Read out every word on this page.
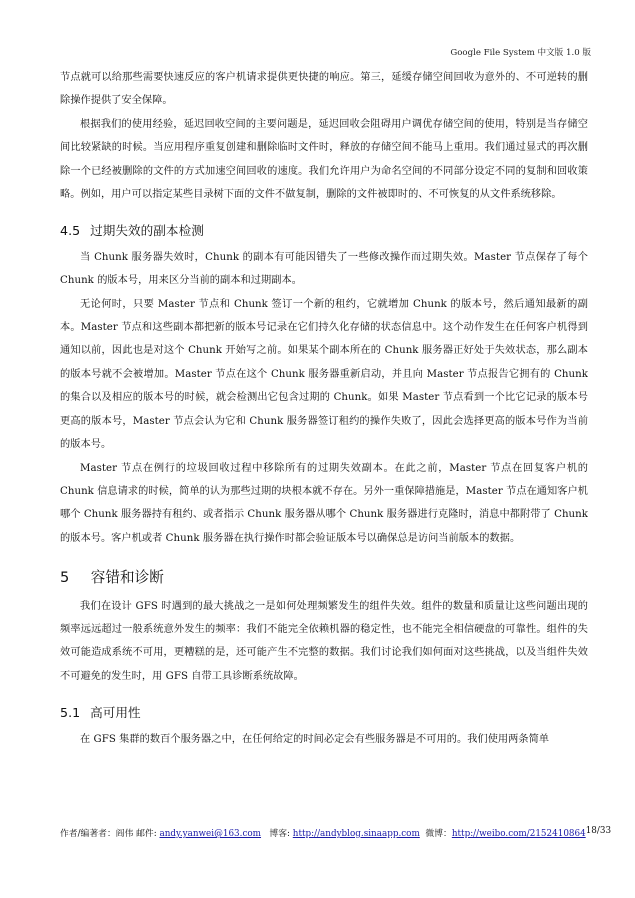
Google File System 中文版 1.0 版

节点就可以给那些需要快速反应的客户机请求提供更快捷的响应。第三，延缓存储空间回收为意外的、不可逆转的删除操作提供了安全保障。

根据我们的使用经验，延迟回收空间的主要问题是，延迟回收会阻碍用户调优存储空间的使用，特别是当存储空间比较紧缺的时候。当应用程序重复创建和删除临时文件时，释放的存储空间不能马上重用。我们通过显式的再次删除一个已经被删除的文件的方式加速空间回收的速度。我们允许用户为命名空间的不同部分设定不同的复制和回收策略。例如，用户可以指定某些目录树下面的文件不做复制，删除的文件被即时的、不可恢复的从文件系统移除。

4.5 过期失效的副本检测

当 Chunk 服务器失效时，Chunk 的副本有可能因错失了一些修改操作而过期失效。Master 节点保存了每个 Chunk 的版本号，用来区分当前的副本和过期副本。

无论何时，只要 Master 节点和 Chunk 签订一个新的租约，它就增加 Chunk 的版本号，然后通知最新的副本。Master 节点和这些副本都把新的版本号记录在它们持久化存储的状态信息中。这个动作发生在任何客户机得到通知以前，因此也是对这个 Chunk 开始写之前。如果某个副本所在的 Chunk 服务器正好处于失效状态，那么副本的版本号就不会被增加。Master 节点在这个 Chunk 服务器重新启动，并且向 Master 节点报告它拥有的 Chunk 的集合以及相应的版本号的时候，就会检测出它包含过期的 Chunk。如果 Master 节点看到一个比它记录的版本号更高的版本号，Master 节点会认为它和 Chunk 服务器签订租约的操作失败了，因此会选择更高的版本号作为当前的版本号。

Master 节点在例行的垃圾回收过程中移除所有的过期失效副本。在此之前，Master 节点在回复客户机的 Chunk 信息请求的时候，简单的认为那些过期的块根本就不存在。另外一重保障措施是，Master 节点在通知客户机哪个 Chunk 服务器持有租约、或者指示 Chunk 服务器从哪个 Chunk 服务器进行克隆时，消息中都附带了 Chunk 的版本号。客户机或者 Chunk 服务器在执行操作时都会验证版本号以确保总是访问当前版本的数据。

5 容错和诊断

我们在设计 GFS 时遇到的最大挑战之一是如何处理频繁发生的组件失效。组件的数量和质量让这些问题出现的频率远远超过一般系统意外发生的频率：我们不能完全依赖机器的稳定性，也不能完全相信硬盘的可靠性。组件的失效可能造成系统不可用，更糟糕的是，还可能产生不完整的数据。我们讨论我们如何面对这些挑战，以及当组件失效不可避免的发生时，用 GFS 自带工具诊断系统故障。

5.1 高可用性

在 GFS 集群的数百个服务器之中，在任何给定的时间必定会有些服务器是不可用的。我们使用两条简单

作者/编著者：阎伟 邮件: andy.yanwei@163.com 博客: http://andyblog.sinaapp.com 微博：http://weibo.com/2152410864 18/33
